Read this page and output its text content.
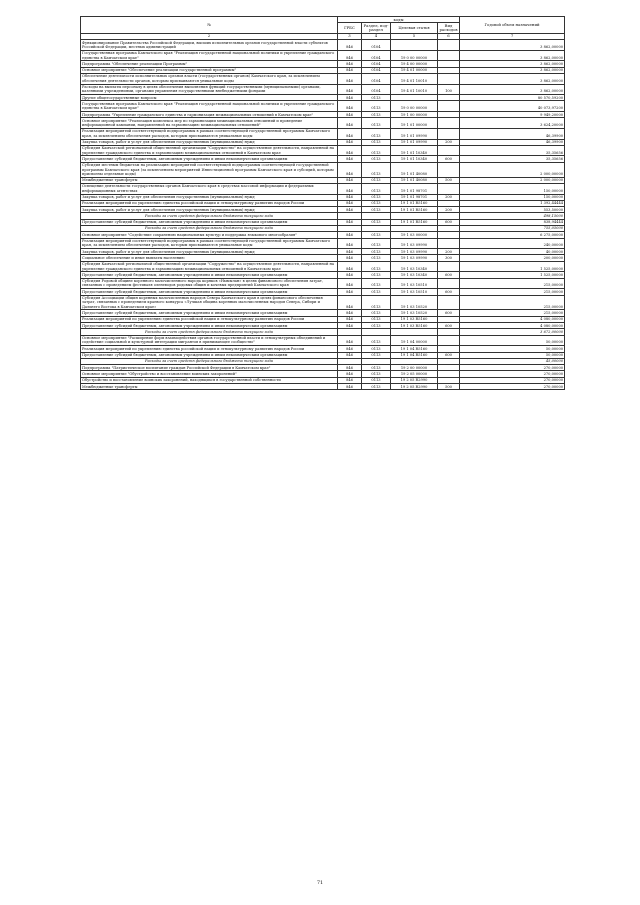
№	коды				Годовой объем назначений
	ГРБС	Раздел, под-раздел	Целевая статья	Вид расходов	
2	3	4	5	6	7
Функционирование Правительства Российской Федерации, высших исполнительных органов государственной власти субъектов Российской Федерации, местных администраций	846	0104			3 862,00000
Государственная программа Камчатского края "Реализация государственной национальной политики и укрепление гражданского единства в Камчатском крае"	846	0104	19 0 00 00000		3 862,00000
Подпрограмма "Обеспечение реализации Программы"	846	0104	19 4 00 00000		3 862,00000
Основное мероприятие "Обеспечение реализации государственной программы"	846	0104	19 4 01 00000		3 862,00000
Обеспечение деятельности исполнительных органов власти (государственных органов) Камчатского края, за исключением обеспечения деятельности органов, которым присваиваются уникальные коды	846	0104	19 4 01 10010		3 862,00000
Расходы на выплаты персоналу в целях обеспечения выполнения функций государственными (муниципальными) органами, казенными учреждениями, органами управления государственными внебюджетными фондами	846	0104	19 4 01 10010	100	3 862,00000
Другие общегосударственные вопросы	846	0113			80 570,59200
Государственная программа Камчатского края "Реализация государственной национальной политики и укрепление гражданского единства в Камчатском крае"	846	0113	19 0 00 00000		40 073,97200
Подпрограмма "Укрепление гражданского единства и гармонизация межнациональных отношений в Камчатском крае"	846	0113	19 1 00 00000		9 949,20000
Основное мероприятие "Реализация комплекса мер по гармонизации межнациональных отношений и проведение информационной кампании, направленной на гармонизацию межнациональных отношений"	846	0113	19 1 01 00000		3 624,20000
Реализация мероприятий соответствующей подпрограммы в рамках соответствующей государственной программы Камчатского края, за исключением обеспечения расходов, которым присваиваются уникальные коды	846	0113	19 1 01 09990		46,39900
Закупка товаров, работ и услуг для обеспечения государственных (муниципальных) нужд	846	0113	19 1 01 09990	200	46,39900
Субсидия Камчатской региональной общественной организации "Содружество" на осуществление деятельности, направленной на укрепление гражданского единства и гармонизацию межнациональных отношений в Камчатском крае	846	0113	19 1 01 10340		35,35656
Предоставление субсидий бюджетным, автономным учреждениям и иным некоммерческим организациям	846	0113	19 1 01 10340	600	35,35656
Субсидия местным бюджетам на реализацию мероприятий соответствующей подпрограммы соответствующей государственной программы Камчатского края (за исключением мероприятий Инвестиционной программы Камчатского края и субсидий, которым присвоены отдельные коды)	846	0113	19 1 01 40080		2 000,00000
Межбюджетные трансферты	846	0113	19 1 01 40080	500	2 000,00000
Освещение деятельности государственных органов Камчатского края в средствах массовой информации и федеральных информационных агентствах	846	0113	19 1 01 98701		150,00000
Закупка товаров, работ и услуг для обеспечения государственных (муниципальных) нужд	846	0113	19 1 01 98701	200	150,00000
Реализация мероприятий по укреплению единства российской нации и этнокультурному развитию народов России	846	0113	19 1 01 R5160		1 392,44444
Закупка товаров, работ и услуг для обеспечения государственных (муниципальных) нужд	846	0113	19 1 01 R5160	200	553,50000
Расходы за счет средств федерального бюджета текущего года					498,15000
Предоставление субсидий бюджетным, автономным учреждениям и иным некоммерческим организациям	846	0113	19 1 01 R5160	600	838,94444
Расходы за счет средств федерального бюджета текущего года					755,05000
Основное мероприятие "Содействие сохранению национальных культур и поддержка языкового многообразия"	846	0113	19 1 03 00000		6 275,00000
Реализация мероприятий соответствующей подпрограммы в рамках соответствующей государственной программы Камчатского края, за исключением обеспечения расходов, которым присваиваются уникальные коды	846	0113	19 1 03 09990		240,00000
Закупка товаров, работ и услуг для обеспечения государственных (муниципальных) нужд	846	0113	19 1 03 09990	200	40,00000
Социальное обеспечение и иные выплаты населению	846	0113	19 1 03 09990	300	200,00000
Субсидия Камчатской региональной общественной организации "Содружество" на осуществление деятельности, направленной на укрепление гражданского единства и гармонизацию межнациональных отношений в Камчатском крае	846	0113	19 1 03 10340		1 525,00000
Предоставление субсидий бюджетным, автономным учреждениям и иным некоммерческим организациям	846	0113	19 1 03 10340	600	1 525,00000
Субсидия Родовой общине коренного малочисленного народа коряков «Нымылан» в целях финансового обеспечения затрат, связанных с проведением фестиваля оленеводов родовых общин и кочевых предприятий Камчатского края	846	0113	19 1 03 10510		215,00000
Предоставление субсидий бюджетным, автономным учреждениям и иным некоммерческим организациям	846	0113	19 1 03 10510	600	215,00000
Субсидия Ассоциации общин коренных малочисленных народов Севера Камчатского края в целях финансового обеспечения затрат, связанных с проведением краевого конкурса «Лучшая община коренных малочисленных народов Севера, Сибири и Дальнего Востока в Камчатском крае»	846	0113	19 1 03 10520		215,00000
Предоставление субсидий бюджетным, автономным учреждениям и иным некоммерческим организациям	846	0113	19 1 03 10520	600	215,00000
Реализация мероприятий по укреплению единства российской нации и этнокультурному развитию народов России	846	0113	19 1 03 R5160		4 080,00000
Предоставление субсидий бюджетным, автономным учреждениям и иным некоммерческим организациям	846	0113	19 1 03 R5160	600	4 080,00000
Расходы за счет средств федерального бюджета текущего года					3 672,00000
Основное мероприятие "Расширение форм взаимодействия органов государственной власти и этнокультурных объединений и содействие социальной и культурной интеграции мигрантов в принимающее сообщество"	846	0113	19 1 04 00000		50,00000
Реализация мероприятий по укреплению единства российской нации и этнокультурному развитию народов России	846	0113	19 1 04 R5160		50,00000
Предоставление субсидий бюджетным, автономным учреждениям и иным некоммерческим организациям	846	0113	19 1 04 R5160	600	50,00000
Расходы за счет средств федерального бюджета текущего года					45,00000
Подпрограмма "Патриотическое воспитание граждан Российской Федерации в Камчатском крае"	846	0113	19 2 00 00000		270,00000
Основное мероприятие "Обустройство и восстановление воинских захоронений"	846	0113	19 2 05 00000		270,00000
Обустройство и восстановление воинских захоронений, находящихся в государственной собственности	846	0113	19 2 05 R2990		270,00000
Межбюджетные трансферты	846	0113	19 2 05 R2990	500	270,00000
71
